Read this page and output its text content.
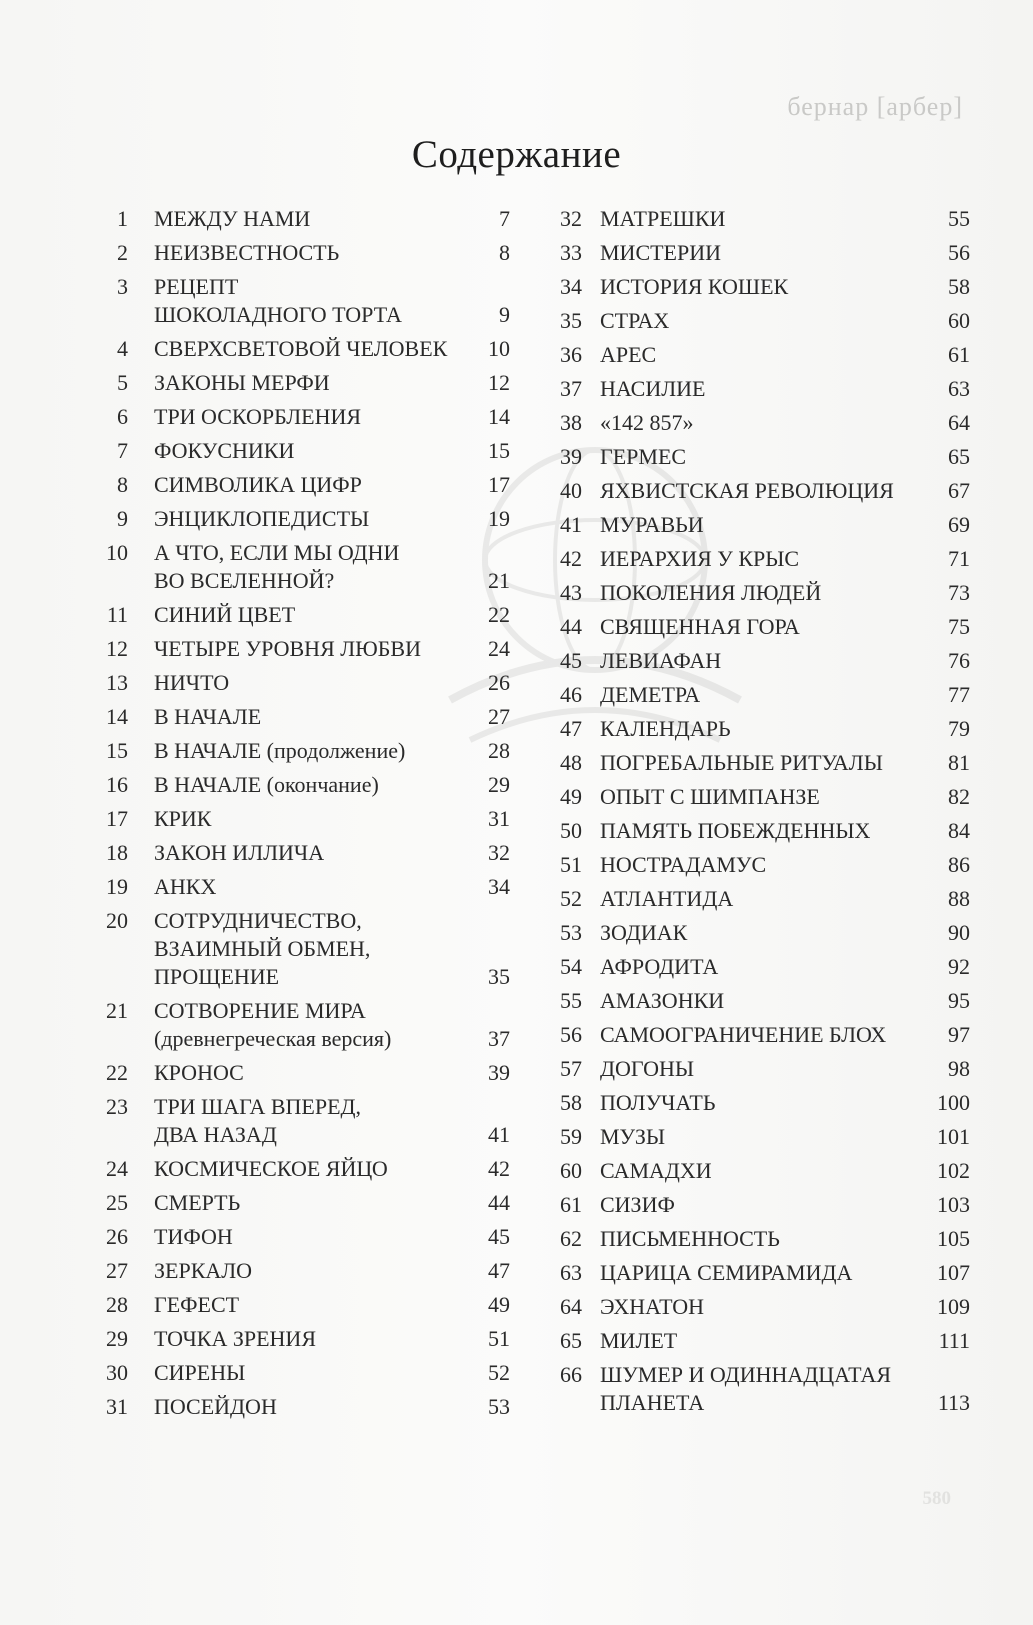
бернар [арбер]
580
Содержание
1 МЕЖДУ НАМИ	7
2 НЕИЗВЕСТНОСТЬ	8
3 РЕЦЕПТ
ШОКОЛАДНОГО ТОРТА	9
4 СВЕРХСВЕТОВОЙ ЧЕЛОВЕК	10
5 ЗАКОНЫ МЕРФИ	12
6 ТРИ ОСКОРБЛЕНИЯ	14
7 ФОКУСНИКИ	15
8 СИМВОЛИКА ЦИФР	17
9 ЭНЦИКЛОПЕДИСТЫ	19
10 А ЧТО, ЕСЛИ МЫ ОДНИ
ВО ВСЕЛЕННОЙ?	21
11 СИНИЙ ЦВЕТ	22
12 ЧЕТЫРЕ УРОВНЯ ЛЮБВИ	24
13 НИЧТО	26
14 В НАЧАЛЕ	27
15 В НАЧАЛЕ (продолжение)	28
16 В НАЧАЛЕ (окончание)	29
17 КРИК	31
18 ЗАКОН ИЛЛИЧА	32
19 АНКХ	34
20 СОТРУДНИЧЕСТВО,
ВЗАИМНЫЙ ОБМЕН,
ПРОЩЕНИЕ	35
21 СОТВОРЕНИЕ МИРА
(древнегреческая версия)	37
22 КРОНОС	39
23 ТРИ ШАГА ВПЕРЕД,
ДВА НАЗАД	41
24 КОСМИЧЕСКОЕ ЯЙЦО	42
25 СМЕРТЬ	44
26 ТИФОН	45
27 ЗЕРКАЛО	47
28 ГЕФЕСТ	49
29 ТОЧКА ЗРЕНИЯ	51
30 СИРЕНЫ	52
31 ПОСЕЙДОН	53
32 МАТРЕШКИ	55
33 МИСТЕРИИ	56
34 ИСТОРИЯ КОШЕК	58
35 СТРАХ	60
36 АРЕС	61
37 НАСИЛИЕ	63
38 «142 857»	64
39 ГЕРМЕС	65
40 ЯХВИСТСКАЯ РЕВОЛЮЦИЯ	67
41 МУРАВЬИ	69
42 ИЕРАРХИЯ У КРЫС	71
43 ПОКОЛЕНИЯ ЛЮДЕЙ	73
44 СВЯЩЕННАЯ ГОРА	75
45 ЛЕВИАФАН	76
46 ДЕМЕТРА	77
47 КАЛЕНДАРЬ	79
48 ПОГРЕБАЛЬНЫЕ РИТУАЛЫ	81
49 ОПЫТ С ШИМПАНЗЕ	82
50 ПАМЯТЬ ПОБЕЖДЕННЫХ	84
51 НОСТРАДАМУС	86
52 АТЛАНТИДА	88
53 ЗОДИАК	90
54 АФРОДИТА	92
55 АМАЗОНКИ	95
56 САМООГРАНИЧЕНИЕ БЛОХ	97
57 ДОГОНЫ	98
58 ПОЛУЧАТЬ	100
59 МУЗЫ	101
60 САМАДХИ	102
61 СИЗИФ	103
62 ПИСЬМЕННОСТЬ	105
63 ЦАРИЦА СЕМИРАМИДА	107
64 ЭХНАТОН	109
65 МИЛЕТ	111
66 ШУМЕР И ОДИННАДЦАТАЯ
ПЛАНЕТА	113
